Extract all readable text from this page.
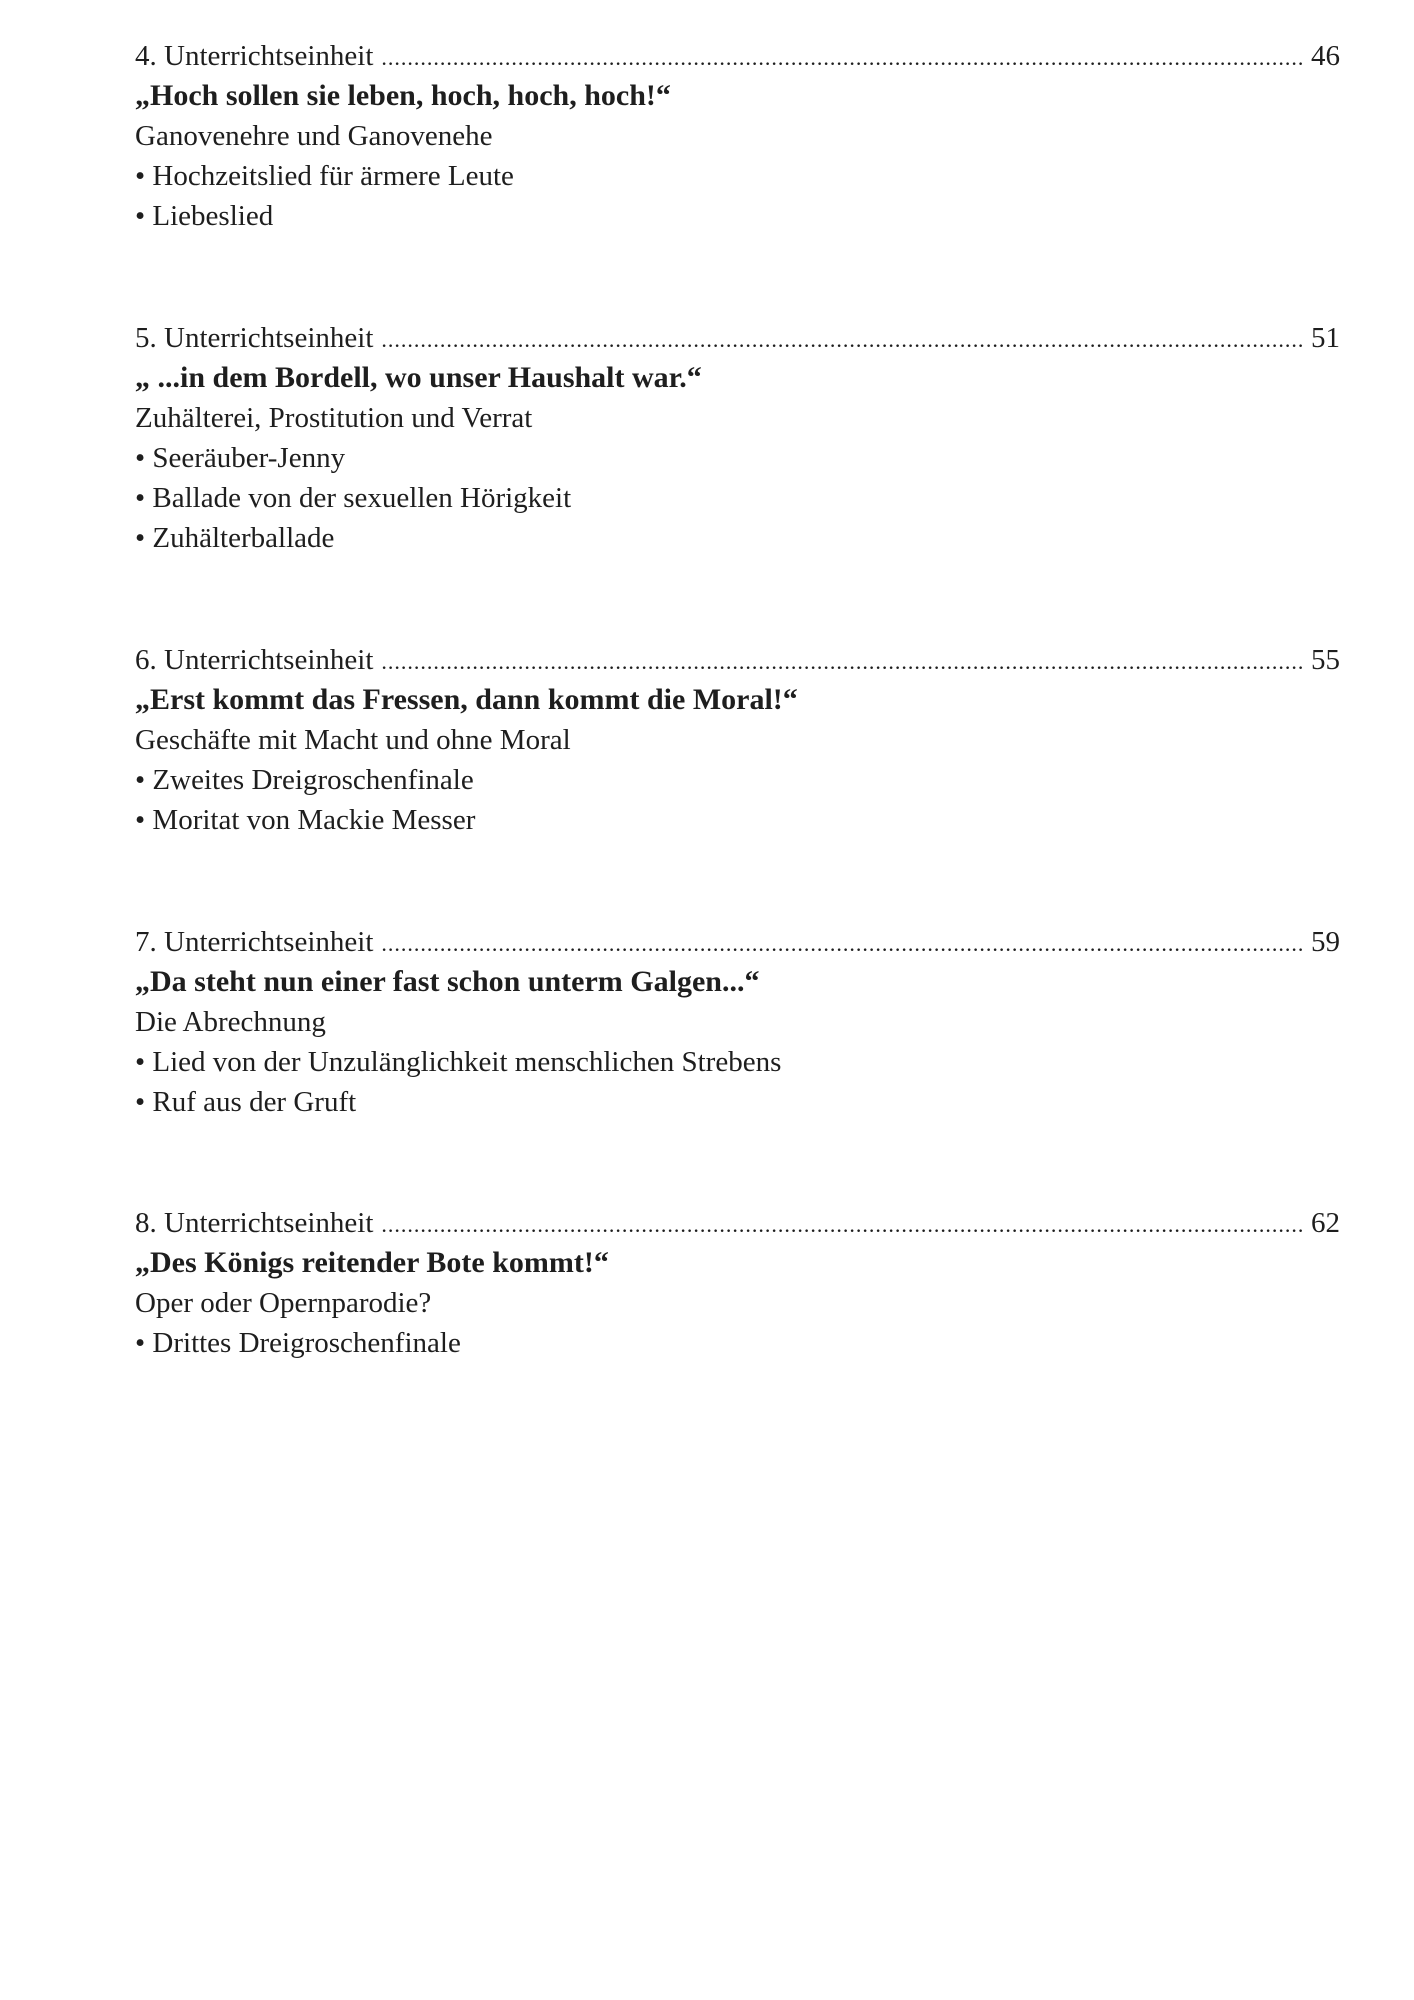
4. Unterrichtseinheit .....	46
„Hoch sollen sie leben, hoch, hoch, hoch!“
Ganovenehre und Ganovenehe
• Hochzeitslied für ärmere Leute
• Liebeslied
5. Unterrichtseinheit .....	51
„ ...in dem Bordell, wo unser Haushalt war.“
Zuhälterei, Prostitution und Verrat
• Seeräuber-Jenny
• Ballade von der sexuellen Hörigkeit
• Zuhälterballade
6. Unterrichtseinheit .....	55
„Erst kommt das Fressen, dann kommt die Moral!“
Geschäfte mit Macht und ohne Moral
• Zweites Dreigroschenfinale
• Moritat von Mackie Messer
7. Unterrichtseinheit .....	59
„Da steht nun einer fast schon unterm Galgen...“
Die Abrechnung
• Lied von der Unzulänglichkeit menschlichen Strebens
• Ruf aus der Gruft
8. Unterrichtseinheit .....	62
„Des Königs reitender Bote kommt!“
Oper oder Opernparodie?
• Drittes Dreigroschenfinale
